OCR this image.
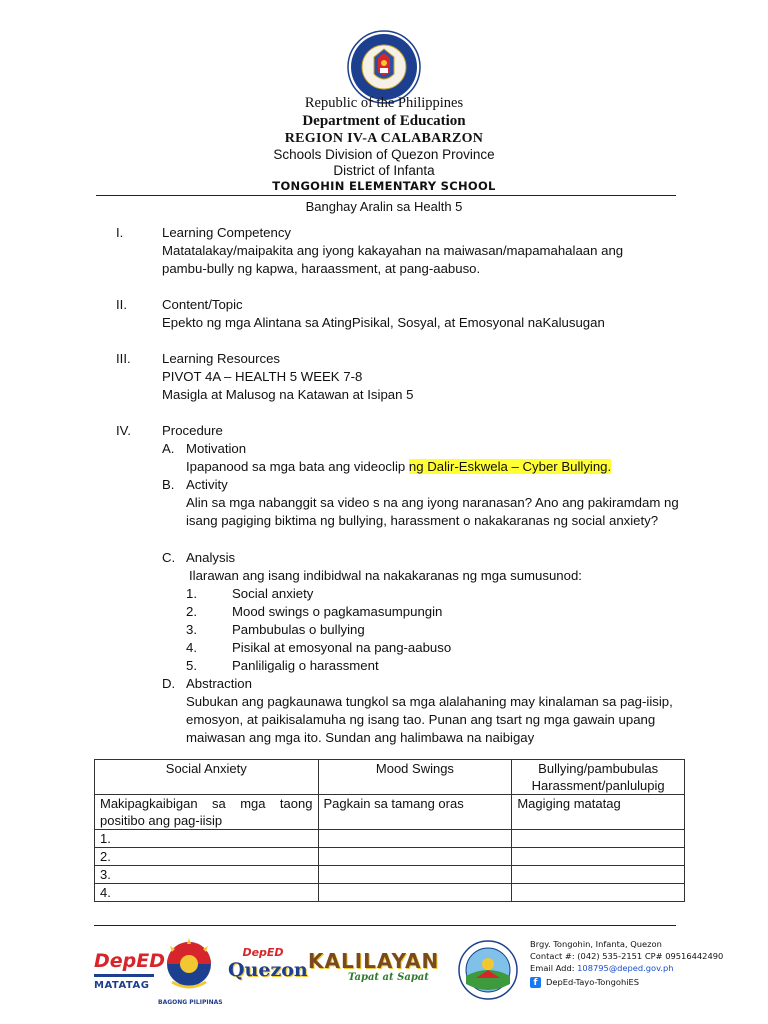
Republic of the Philippines
Department of Education
REGION IV-A CALABARZON
Schools Division of Quezon Province
District of Infanta
TONGOHIN ELEMENTARY SCHOOL
Banghay Aralin sa Health 5
I.	Learning Competency
Matatalakay/maipakita ang iyong kakayahan na maiwasan/mapamahalaan ang
pambu-bully ng kapwa, haraassment, at pang-aabuso.
II.	Content/Topic
Epekto ng mga Alintana sa AtingPisikal, Sosyal, at Emosyonal naKalusugan
III. Learning Resources
PIVOT 4A – HEALTH 5 WEEK 7-8
Masigla at Malusog na Katawan at Isipan 5
IV. Procedure
A. Motivation
Ipapanood sa mga bata ang videoclip ng Dalir-Eskwela – Cyber Bullying.
B. Activity
Alin sa mga nabanggit sa video s na ang iyong naranasan? Ano ang pakiramdam ng
isang pagiging biktima ng bullying, harassment o nakakaranas ng social anxiety?
C. Analysis
Ilarawan ang isang indibidwal na nakakaranas ng mga sumusunod:
1.	Social anxiety
2.	Mood swings o pagkamasumpungin
3.	Pambubulas o bullying
4.	Pisikal at emosyonal na pang-aabuso
5.	Panliligalig o harassment
D. Abstraction
Subukan ang pagkaunawa tungkol sa mga alalahaning may kinalaman sa pag-iisip,
emosyon, at paikisalamuha ng isang tao. Punan ang tsart ng mga gawain upang
maiwasan ang mga ito. Sundan ang halimbawa na naibigay
Social Anxiety	Mood Swings	Bullying/pambubulas
Harassment/panlulupig

Makipagkaibigan sa mga taong
positibo ang pag-iisip	Pagkain sa tamang oras	Magiging matatag
1.		
2.		
3.		
4.		
DepED
MATATAG
BAGONG PILIPINAS
DepED
Quezon KALILAYAN
Tapat at Sapat
Brgy. Tongohin, Infanta, Quezon
Contact #: (042) 535-2151 CP# 09516442490
Email Add: 108795@deped.gov.ph
f	DepEd-Tayo-TongohiES
